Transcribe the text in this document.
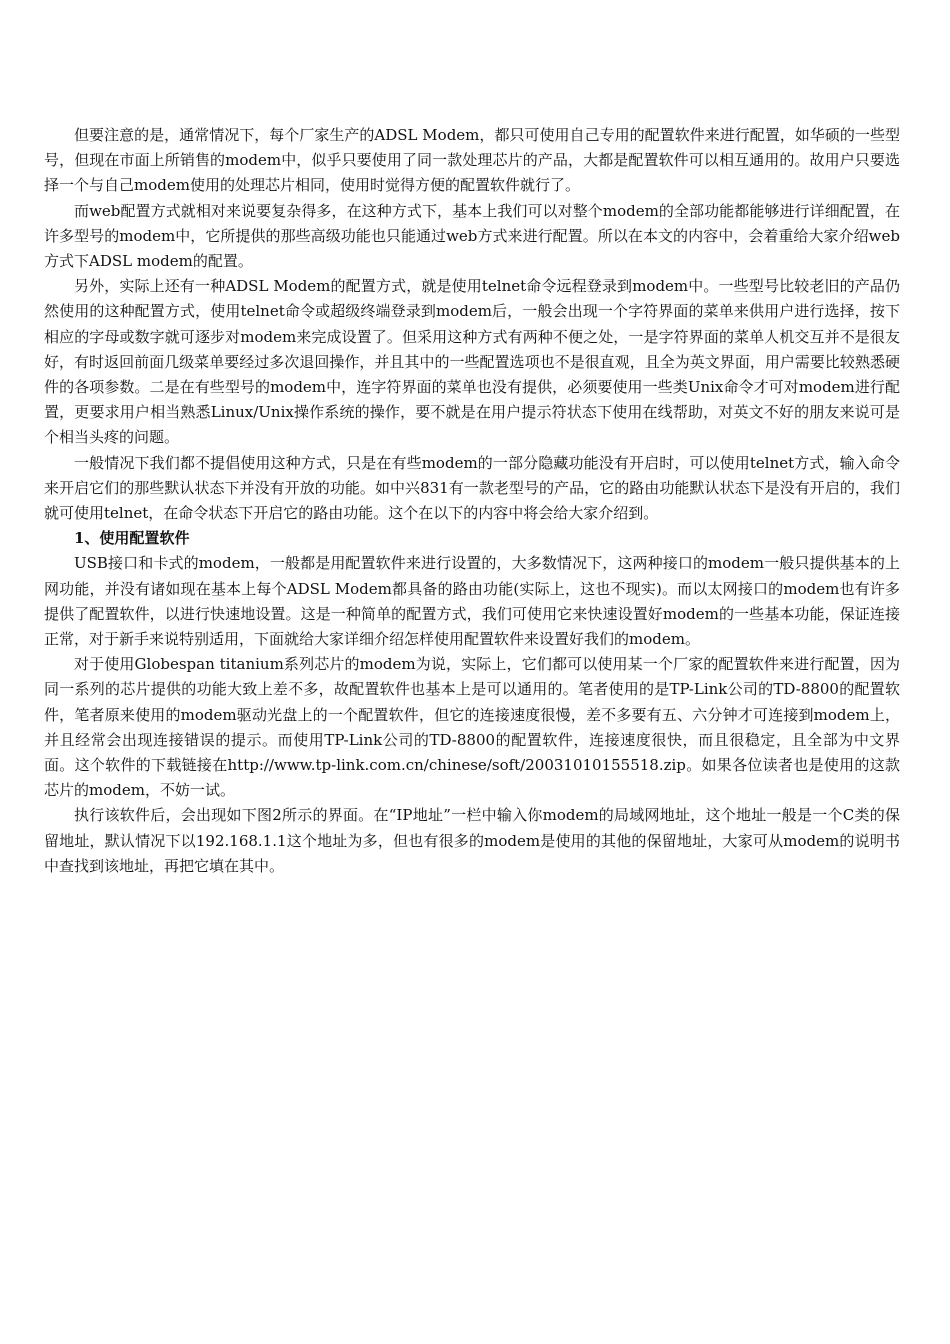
但要注意的是，通常情况下，每个厂家生产的ADSL Modem，都只可使用自己专用的配置软件来进行配置，如华硕的一些型号，但现在市面上所销售的modem中，似乎只要使用了同一款处理芯片的产品，大都是配置软件可以相互通用的。故用户只要选择一个与自己modem使用的处理芯片相同，使用时觉得方便的配置软件就行了。

而web配置方式就相对来说要复杂得多，在这种方式下，基本上我们可以对整个modem的全部功能都能够进行详细配置，在许多型号的modem中，它所提供的那些高级功能也只能通过web方式来进行配置。所以在本文的内容中，会着重给大家介绍web方式下ADSL modem的配置。

另外，实际上还有一种ADSL Modem的配置方式，就是使用telnet命令远程登录到modem中。一些型号比较老旧的产品仍然使用的这种配置方式，使用telnet命令或超级终端登录到modem后，一般会出现一个字符界面的菜单来供用户进行选择，按下相应的字母或数字就可逐步对modem来完成设置了。但采用这种方式有两种不便之处，一是字符界面的菜单人机交互并不是很友好，有时返回前面几级菜单要经过多次退回操作，并且其中的一些配置选项也不是很直观，且全为英文界面，用户需要比较熟悉硬件的各项参数。二是在有些型号的modem中，连字符界面的菜单也没有提供，必须要使用一些类Unix命令才可对modem进行配置，更要求用户相当熟悉Linux/Unix操作系统的操作，要不就是在用户提示符状态下使用在线帮助，对英文不好的朋友来说可是个相当头疼的问题。

一般情况下我们都不提倡使用这种方式，只是在有些modem的一部分隐藏功能没有开启时，可以使用telnet方式，输入命令来开启它们的那些默认状态下并没有开放的功能。如中兴831有一款老型号的产品，它的路由功能默认状态下是没有开启的，我们就可使用telnet，在命令状态下开启它的路由功能。这个在以下的内容中将会给大家介绍到。

1、使用配置软件

USB接口和卡式的modem，一般都是用配置软件来进行设置的，大多数情况下，这两种接口的modem一般只提供基本的上网功能，并没有诸如现在基本上每个ADSL Modem都具备的路由功能(实际上，这也不现实)。而以太网接口的modem也有许多提供了配置软件，以进行快速地设置。这是一种简单的配置方式，我们可使用它来快速设置好modem的一些基本功能，保证连接正常，对于新手来说特别适用，下面就给大家详细介绍怎样使用配置软件来设置好我们的modem。

对于使用Globespan titanium系列芯片的modem为说，实际上，它们都可以使用某一个厂家的配置软件来进行配置，因为同一系列的芯片提供的功能大致上差不多，故配置软件也基本上是可以通用的。笔者使用的是TP-Link公司的TD-8800的配置软件，笔者原来使用的modem驱动光盘上的一个配置软件，但它的连接速度很慢，差不多要有五、六分钟才可连接到modem上，并且经常会出现连接错误的提示。而使用TP-Link公司的TD-8800的配置软件，连接速度很快，而且很稳定，且全部为中文界面。这个软件的下载链接在http://www.tp-link.com.cn/chinese/soft/20031010155518.zip。如果各位读者也是使用的这款芯片的modem，不妨一试。

执行该软件后，会出现如下图2所示的界面。在“IP地址”一栏中输入你modem的局域网地址，这个地址一般是一个C类的保留地址，默认情况下以192.168.1.1这个地址为多，但也有很多的modem是使用的其他的保留地址，大家可从modem的说明书中查找到该地址，再把它填在其中。
